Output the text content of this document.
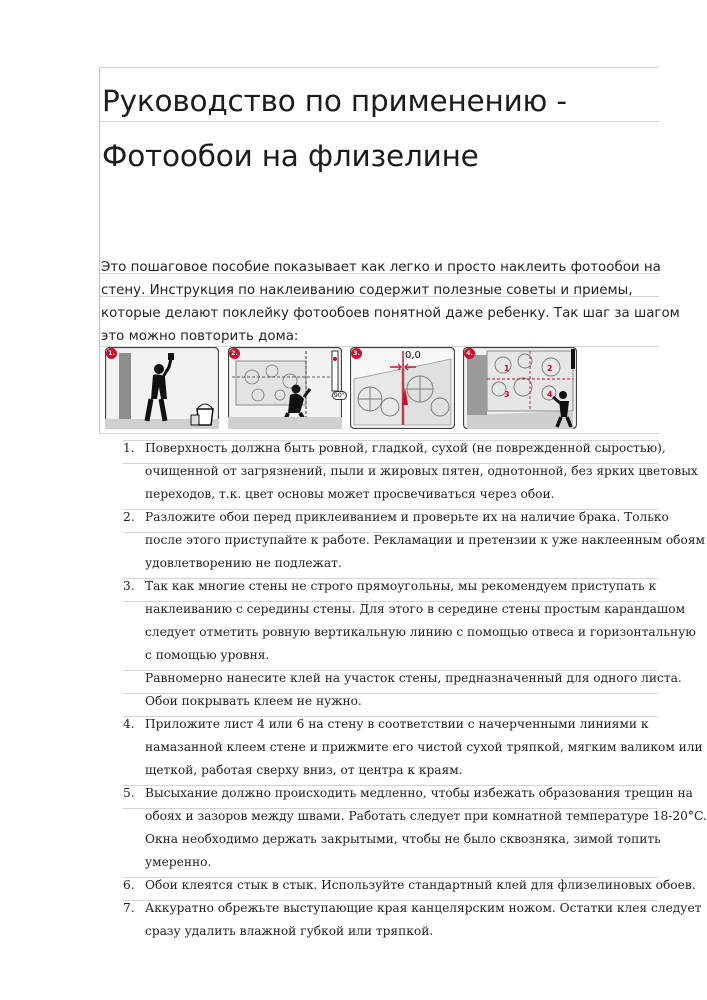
Руководство по применению -
Фотообои на флизелине
Это пошаговое пособие показывает как легко и просто наклеить фотообои на
стену. Инструкция по наклеиванию содержит полезные советы и приемы,
которые делают поклейку фотообоев понятной даже ребенку. Так шаг за шагом
это можно повторить дома:
1.
90°
2.	0,0
3.
1	2
3	4
4.
1. Поверхность должна быть ровной, гладкой, сухой (не поврежденной сыростью),
очищенной от загрязнений, пыли и жировых пятен, однотонной, без ярких цветовых
переходов, т.к. цвет основы может просвечиваться через обои.
2. Разложите обои перед приклеиванием и проверьте их на наличие брака. Только
после этого приступайте к работе. Рекламации и претензии к уже наклеенным обоям
удовлетворению не подлежат.
3. Так как многие стены не строго прямоугольны, мы рекомендуем приступать к
наклеиванию с середины стены. Для этого в середине стены простым карандашом
следует отметить ровную вертикальную линию с помощью отвеса и горизонтальную
с помощью уровня.
Равномерно нанесите клей на участок стены, предназначенный для одного листа.
Обои покрывать клеем не нужно.
4. Приложите лист 4 или 6 на стену в соответствии с начерченными линиями к
намазанной клеем стене и прижмите его чистой сухой тряпкой, мягким валиком или
щеткой, работая сверху вниз, от центра к краям.
5. Высыхание должно происходить медленно, чтобы избежать образования трещин на
обоях и зазоров между швами. Работать следует при комнатной температуре 18-20°C.
Окна необходимо держать закрытыми, чтобы не было сквозняка, зимой топить
умеренно.
6. Обои клеятся стык в стык. Используйте стандартный клей для флизелиновых обоев.
7. Аккуратно обрежьте выступающие края канцелярским ножом. Остатки клея следует
сразу удалить влажной губкой или тряпкой.
